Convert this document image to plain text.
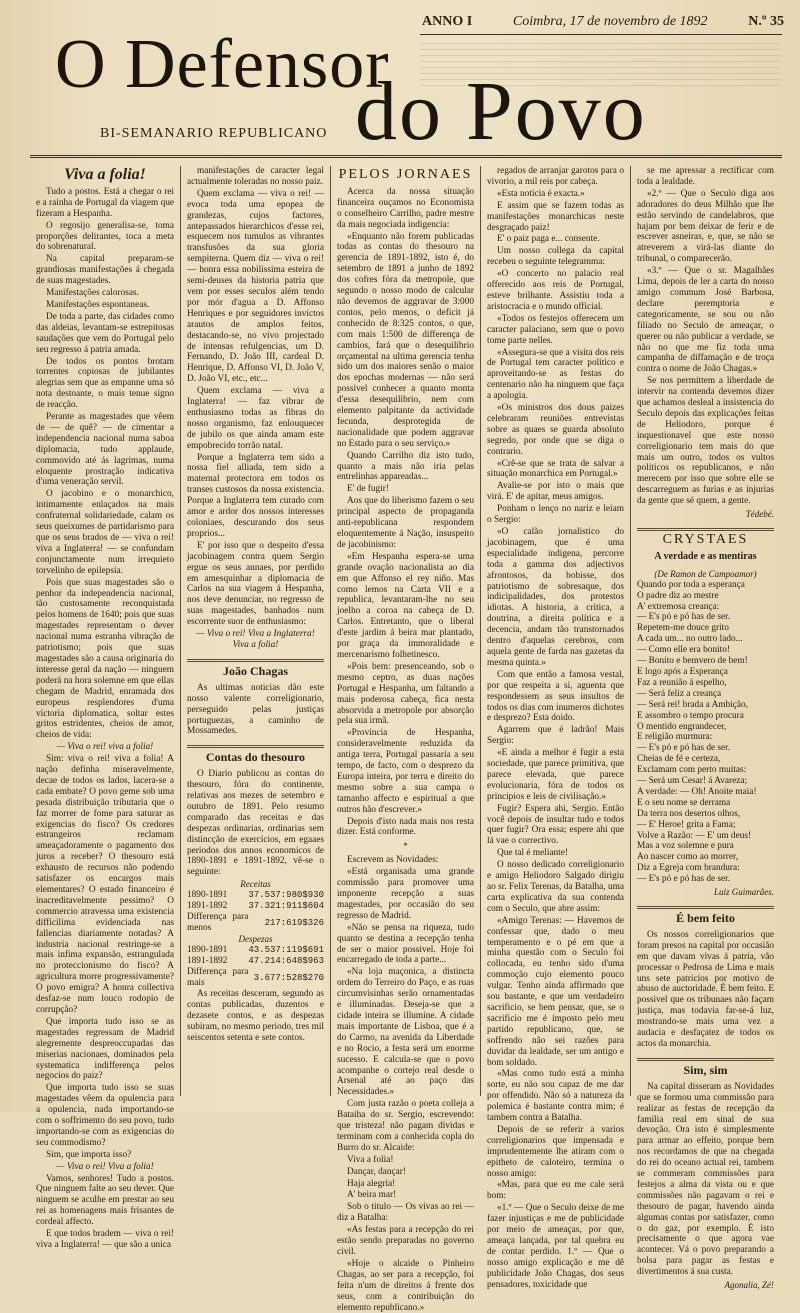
ANNO I	Coimbra, 17 de novembro de 1892	N.º 35
O Defensor
do Povo
BI-SEMANARIO REPUBLICANO
Viva a folia!

Tudo a postos. Está a chegar o rei e a rainha de Portugal da viagem que fizeram a Hespanha.

O regosijo generalisa-se, toma proporções delirantes, toca a meta do sobrenatural.

Na capital preparam-se grandiosas manifestações á chegada de suas magestades.

Manifestações calorosas.

Manifestações espontaneas.

De toda a parte, das cidades como das aldeias, levantam-se estrepitosas saudações que vem do Portugal pelo seu regresso á patria amada.

De todos os pontos brotam torrentes copiosas de jubilantes alegrias sem que as empanne uma só nota destoante, o mais tenue signo de reacção.

Perante as magestades que vêem de — de quê? — de cimentar a independencia nacional numa saboa diplomacia, tudo applaude, commovido até ás lagrimas, numa eloquente prostração indicativa d'uma veneração servil.

O jacobino e o monarchico, intimamente enlaçados na mais confraternal solidariedade, calam os seus queixumes de partidarismo para que os seus brados de — viva o rei! viva a Inglaterra! — se confundam conjunctamente num irrequieto torvelinho de epilepsia.

Pois que suas magestades são o penhor da independencia nacional, tão custosamente reconquistada pelos homens de 1640; pois que suas magestades representam o dever nacional numa estranha vibração de patriotismo; pois que suas magestades são a causa originaria do interesse geral da nação — ninguem poderá na hora solemne em que ellas chegam de Madrid, enramada dos europeus resplendores d'uma victoria diplomatica, soltar estes gritos estridentes, cheios de amor, cheios de vida:

— Viva o rei! viva a folia!

Sim: viva o rei! viva a folia! A nação definha miseravelmente, decae de todos os lados, lacera-se a cada embate? O povo geme sob uma pesada distribuição tributaria que o faz morrer de fome para saturar as exigencias do fisco? Os credores estrangeiros reclamam ameaçadoramente o pagamento dos juros a receber? O thesouro está exhausto de recursos não podendo satisfazer os encargos mais elementares? O estado financeiro é inacreditavelmente pessimo? O commercio atravessa uma existencia difficilima evidenciada nas fallencias diariamente notadas? A industria nacional restringe-se a mais infima expansão, estrangulada no proteccionismo do fisco? A agricultura morre progressivamente? O povo emigra? A honra collectiva desfaz-se num louco rodopio de corrupção?

Que importa tudo isso se as magestades regressam de Madrid alegremente despreoccupadas das miserias nacionaes, dominados pela systematica indifferença pelos negocios do paiz?

Que importa tudo isso se suas magestades vêem da opulencia para a opulencia, nada importando-se com o soffrimento do seu povo, tudo importando-se com as exigencias do seu commodismo?

Sim, que importa isso?

— Viva o rei! Viva a folia!

Vamos, senhores! Tudo a postos. Que ninguem falte ao seu dever. Que ninguem se aculhe em prestar ao seu rei as homenagens mais frisantes de cordeal affecto.

E que todos bradem — viva o rei! viva a Inglaterra! — que são a unica

manifestações de caracter legal actualmente toleradas no nosso paiz.

Quem exclama — viva o rei! — evoca toda uma epopea de grandezas, cujos factores, antepassados hierarchicos d'esse rei, esquecem nos tumulos as vibrantes transfusões da sua gloria sempiterna. Quem diz — viva o rei! — honra essa nobilissima esteira de semi-deuses da historia patria que vem por esses seculos além tendo por mór d'agua a D. Affonso Henriques e por seguidores invictos arautos de amplos feitos, destacando-se, no vivo projectado de intensas refulgencias, um D. Fernando, D. João III, cardeal D. Henrique, D. Affonso VI, D. João V, D. João VI, etc., etc...

Quem exclama — viva a Inglaterra! — faz vibrar de enthusiasmo todas as fibras do nosso organismo, faz enlouquecer de jubilo os que ainda amam este empobrecido torrão natal.

Porque a Inglaterra tem sido a nossa fiel alliada, tem sido a maternal protectora em todos os transes custosos da nossa existencia. Porque a Inglaterra tem curado com amor e ardor dos nossos interesses coloniaes, descurando dos seus proprios...

E' por isso que o despeito d'essa jacobinagem contra quem Sergio ergue os seus annaes, por perdido em amesquinhar a diplomacia de Carlos na sua viagem á Hespanha, nos deve denunciar, no regresso de suas magestades, banhados num escorrente suor de enthusiasmo:

— Viva o rei! Viva a Inglaterra! Viva a folia!

João Chagas

As ultimas noticias dão este nosso valente correligionario, perseguido pelas justiças portuguezas, a caminho de Mossamedes.

Contas do thesouro

O Diario publicou as contas do thesouro, fóra do continente, relativas aos mezes de setembro e outubro de 1891. Pelo resumo comparado das receitas e das despezas ordinarias, ordinarias sem distincção de exercicios, em egaaes periodos dos annos economicos de 1890-1891 e 1891-1892, vê-se o seguinte:

Receitas	
1890-1891	37.537:980$930
1891-1892	37.321:911$604
Differença para menos	217:619$326
Despezas	
1890-1891	43.537:119$691
1891-1892	47.214:648$963
Differença para mais	3.677:528$270

As receitas desceram, segundo as contas publicadas, duzentos e dezasete contos, e as despezas subiram, no mesmo periodo, tres mil seiscentos setenta e sete contos.

PELOS JORNAES

Acerca da nossa situação financeira ouçamos no Economista o conselheiro Carrilho, padre mestre da mais negociada indigencia:

«Enquanto não forem publicadas todas as contas do thesouro na gerencia de 1891-1892, isto é, do setembro de 1891 a junho de 1892 dos cofres fóra da metropole, que segundo o nosso modo de calcular não devemos de aggravar de 3:000 contos, pelo menos, o deficit já conhecido de 8:325 contos, o que, com mais 1:500 de differença de cambios, fará que o desequilibrio orçamental na ultima gerencia tenha sido um dos maiores senão o maior dos epochas modernas — não será possivel conhecer a quanto monta d'essa desequilibrio, nem com elemento palpitante da actividade fecunda, desprotegida de nacionalidade que podem aggravar no Estado para o seu serviço.»

Quando Carrilho diz isto tudo, quanto a mais não iria pelas entrelinhas appareadas...

E' de fugir!

Aos que do liberismo fazem o seu principal aspecto de propaganda anti-republicana respondem eloquentemente á Nação, insuspeito de jacobinismo:

«Em Hespanha espera-se uma grande ovação nacionalista ao dia em que Affonso el rey niño. Mas como lemos na Carta VII e a republica, levantaram-lhe no seu joelho a coroa na cabeça de D. Carlos. Entretanto, que o liberal d'este jardim á beira mar plantado, por graça da immoralidade e mercenarismo folhetinesco.

«Pois bem: presenceando, sob o mesmo ceptro, as duas nações Portugal e Hespanha, um faltando a mais poderosa cabeça, fica nesta absorvida a metropole por absorção pela sua irmã.

«Provincia de Hespanha, consideravelmente reduzida da antiga terra, Portugal passaria a seu tempo, de facto, com o desprezo da Europa inteira, por terra e direito do mesmo sobre a sua campa o tamanho affecto e espiritual a que outros hão d'escrever.»

Depois d'isto nada mais nos resta dizer. Está conforme.

*

Escrevem as Novidades:

«Está organisada uma grande commissão para promover uma imponente recepção a suas magestades, por occasião do seu regresso de Madrid.

«Não se pensa na riqueza, tudo quanto se destina a recepção tenha de ser o maior possivel. Hoje foi encarregado de toda a parte...

«Na loja maçonica, a distincta ordem do Terreiro do Paço, e as ruas circumvisinhas serão ornamentadas e illuminadas. Deseja-se que a cidade inteira se illumine. A cidade mais importante de Lisboa, que é a do Carmo, na avenida da Liberdade e no Rocio, a festa será um enorme sucesso. E calcula-se que o povo acompanhe o cortejo real desde o Arsenal até ao paço das Necessidades.»

Com justa razão o poeta colleja a Bataiha do sr. Sergio, escrevendo: que tristeza! não pagam dividas e terminam com a conhecida copla do Burro do sr. Alcaide:

Viva a folia!

Dançar, dançar!

Haja alegria!

A' beira mar!

Sob o titulo — Os vivas ao rei — diz a Batalha:

«As festas para a recepção do rei estão sendo preparadas no governo civil.

«Hoje o alcaide o Pinheiro Chagas, ao ser para a recepção, foi feita n'um de direitos á frente dos seus, com a contribuição do elemento republicano.»

regados de arranjar garotos para o vivorio, a mil reis por cabeça.

«Esta noticia é exacta.»

E assim que se fazem todas as manifestações monarchicas neste desgraçado paiz!

E' o paiz paga e... consente.

Um nosso collega da capital recebeu o seguinte telegramma:

«O concerto no palacio real offerecido aos reis de Portugal, esteve brilhante. Assistiu toda a aristocracia e o mundo official.

«Todos os festejos offerecem um caracter palaciano, sem que o povo tome parte nelles.

«Assegura-se que a visita dos reis de Portugal tem caracter politico e aproveitando-se as festas do centenario não ha ninguem que faça a apologia.

«Os ministros dos dous paizes celebraram reuniões entrevistas sobre as quaes se guarda absoluto segredo, por onde que se diga o contrario.

«Crê-se que se trata de salvar a situação monarchica em Portugal.»

Avalie-se por isto o mais que virá. E' de apitar, meus amigos.

Ponham o lenço no nariz e leiam o Sergio:

«O calão jornalistico do jacobinagem, que é uma especialidade indigena, percorre toda a gamma dos adjectivos afrontosos, da bobisse, dos patriotismo de sobresaque, dos indicipalidades, dos protestos idiotas. A historia, a critica, a doutrina, a direita politica e a decencia, andam tão transtornados dentro d'aquelas cerebros, com aquela gente de farda nas gazetas da mesma quinta.»

Com que então a famosa vestal, por que respeita a si, aguenta que respondessem as seus insultos de todos os dias com inumeros dichotes e desprezo? Esta doido.

Agarrem que é ladrão! Mais Sergio:

«E ainda a melhor é fugir a esta sociedade, que parece primitiva, que parece elevada, que parece evolucionaria, fóra de todos os principios e leis de civilisação.»

Fugir? Espera ahi, Sergio. Então você depois de insultar tudo e todos quer fugir? Ora essa; espere ahi que lá vae o correctivo.

Que tal é meliante!

O nosso dedicado correligionario e amigo Heliodoro Salgado dirigiu ao sr. Felix Terenas, da Batalha, uma carta explicativa da sua contenda com o Seculo, que abre assim:

«Amigo Terenas: — Havemos de confessar que, dado o meu temperamento e o pé em que a minha questão com o Seculo foi collocada, eu tenho sido d'uma commoção cujo elemento pouco vulgar. Tenho ainda affirmado que sou bastante, e que um verdadeiro sacrificio, se bem pensar, que, se o sacrificio me é imposto pelo meu partido republicano, que, se soffrendo não sei razões para duvidar da lealdade, ser um antigo e bom soldado.

«Mas como tudo está a minha sorte, eu não sou capaz de me dar por offendido. Não só a natureza da polemica é bastante contra mim; é tambem contra a Batalha.

Depois de se referir a varios correligionarios que impensada e imprudentemente lhe atiram com o epitheto de caloteiro, termina o nosso amigo:

«Mas, para que eu me cale será bom:

«1.º — Que o Seculo deixe de me fazer injustiças e me de publicidade por meio de ameaças, por que, ameaça lançada, por tal quebra eu de contar perdido. 1.º — Que o nosso amigo explicação e me dê publicidade João Chagas, dos seus pensadores, toxicidade que

se me apressar a rectificar com toda a lealdade.

«2.º — Que o Seculo diga aos adoradores do deus Milhão que lhe estão servindo de candelabros, que hajam por bem deixar de ferir e de escrever asneiras, e, que, se não se atreverem a virá-las diante do tribunal, o comparecerão.

«3.º — Que o sr. Magalhães Lima, depois de ler a carta do nosso amigo commum José Barbosa, declare peremptoria e categoricamente, se sou ou não filiado no Seculo de ameaçar, o querer ou não publicar a verdade, se não no que me fiz toda uma campanha de diffamação e de troça contra o nome de João Chagas.»

Se nos permittem a liberdade de intervir na contenda devemos dizer que achamos desleal a insistencia do Seculo depois das explicações feitas de Heliodoro, porque é inquestionavel que este nosso correligionario tem mais do que mais um outro, todos os vultos politicos os republicanos, e não merecem por isso que sobre elle se descarreguem as furias e as injurias da gente que sé quem, a gente.

Tédebé.
CRYSTAES
A verdade e as mentiras
(De Ramon de Campoamor)

Quando por toda a esperança

O padre diz ao mestre

A' extremosa creança:

— E's pó e pó has de ser.

Repetem-me douce grito

A cada um... no outro lado...

— Como elle era bonito!

— Bonito e bemvero de bem!

E logo após a Esperança

Faz a reunião á espelho,

— Será feliz a creança

— Será rei! brada a Ambição,

E assombro o tempo procura

O mentido engrandecer,

E religião murmura:

— E's pó e pó has de ser.

Cheias de fé e certeza,

Exclamam com perto muitas:

— Será um Cesar! á Avareza;

A verdade: — Oh! Anoite maia!

E o seu nome se derrama

Da terra nos desertos olhos,

— E' Heroe! grita a Fama;

Volve a Razão: — E' um deus!

Mas a voz solemne e pura

Ao nascer como ao morrer,

Diz a Egreja com brandura:

— E's pó e pó has de ser.

Luiz Guimarães.
É bem feito

Os nossos correligionarios que foram presos na capital por occasião em que davam vivas á patria, vão processar o Pedrosa de Lima e mais uns sete patricios por motivo de abuso de auctoridade. É bem feito. E possivel que os tribunaes não façam justiça, mas todavia far-se-á luz, mostrando-se mais uma vez a audacia e desfaçatez de todos os actos da monarchia.

Sim, sim

Na capital disseram as Novidades que se formou uma commissão para realizar as festas de recepção da familia real em sinal de sua devoção. Ora isto é simplesmente para armar ao effeito, porque bem nos recordamos de que na chegada do rei do oceano actual rei, tambem se commeram commissões para festejos a alma da vista ou e que commissões não pagavam o rei e thesouro de pagar, havendo ainda algumas contas por satisfazer, como o do gaz, por exemplo. É isto precisamente o que agora vae acontecer. Vá o povo preparando a bolsa para pagar as festas e divertimentos á sua custa.

Agonalia, Zé!
